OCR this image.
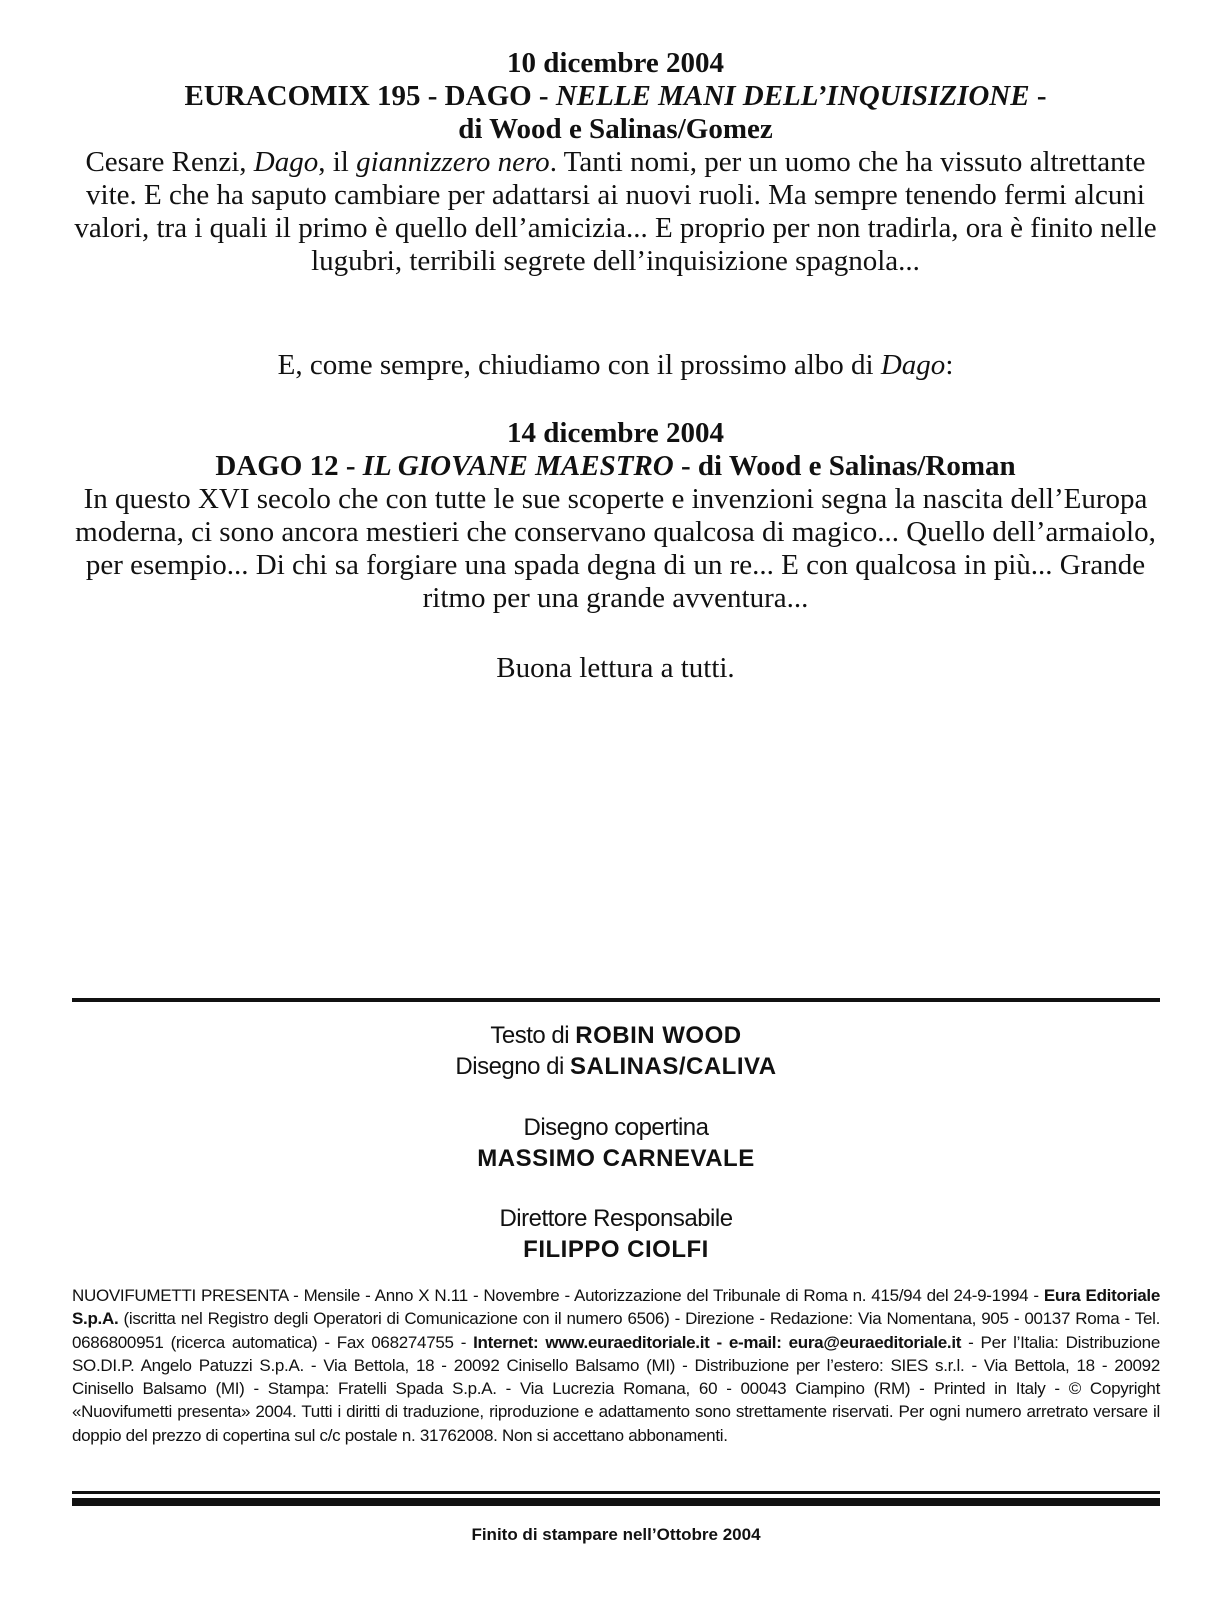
10 dicembre 2004

EURACOMIX 195 - DAGO - NELLE MANI DELL’INQUISIZIONE -

di Wood e Salinas/Gomez

Cesare Renzi, Dago, il giannizzero nero. Tanti nomi, per un uomo che ha vissuto altrettante vite. E che ha saputo cambiare per adattarsi ai nuovi ruoli. Ma sempre tenendo fermi alcuni valori, tra i quali il primo è quello dell’amicizia... E proprio per non tradirla, ora è finito nelle lugubri, terribili segrete dell’inquisizione spagnola...

E, come sempre, chiudiamo con il prossimo albo di Dago:

14 dicembre 2004

DAGO 12 - IL GIOVANE MAESTRO - di Wood e Salinas/Roman

In questo XVI secolo che con tutte le sue scoperte e invenzioni segna la nascita dell’Europa moderna, ci sono ancora mestieri che conservano qualcosa di magico... Quello dell’armaiolo, per esempio... Di chi sa forgiare una spada degna di un re... E con qualcosa in più... Grande ritmo per una grande avventura...

Buona lettura a tutti.

Testo di ROBIN WOOD

Disegno di SALINAS/CALIVA

Disegno copertina

MASSIMO CARNEVALE

Direttore Responsabile

FILIPPO CIOLFI

NUOVIFUMETTI PRESENTA - Mensile - Anno X N.11 - Novembre - Autorizzazione del Tribunale di Roma n. 415/94 del 24-9-1994 - Eura Editoriale S.p.A. (iscritta nel Registro degli Operatori di Comunicazione con il numero 6506) - Direzione - Redazione: Via Nomentana, 905 - 00137 Roma - Tel. 0686800951 (ricerca automatica) - Fax 068274755 - Internet: www.euraeditoriale.it - e-mail: eura@euraeditoriale.it - Per l’Italia: Distribuzione SO.DI.P. Angelo Patuzzi S.p.A. - Via Bettola, 18 - 20092 Cinisello Balsamo (MI) - Distribuzione per l’estero: SIES s.r.l. - Via Bettola, 18 - 20092 Cinisello Balsamo (MI) - Stampa: Fratelli Spada S.p.A. - Via Lucrezia Romana, 60 - 00043 Ciampino (RM) - Printed in Italy - © Copyright «Nuovifumetti presenta» 2004. Tutti i diritti di traduzione, riproduzione e adattamento sono strettamente riservati. Per ogni numero arretrato versare il doppio del prezzo di copertina sul c/c postale n. 31762008. Non si accettano abbonamenti.

Finito di stampare nell’Ottobre 2004
